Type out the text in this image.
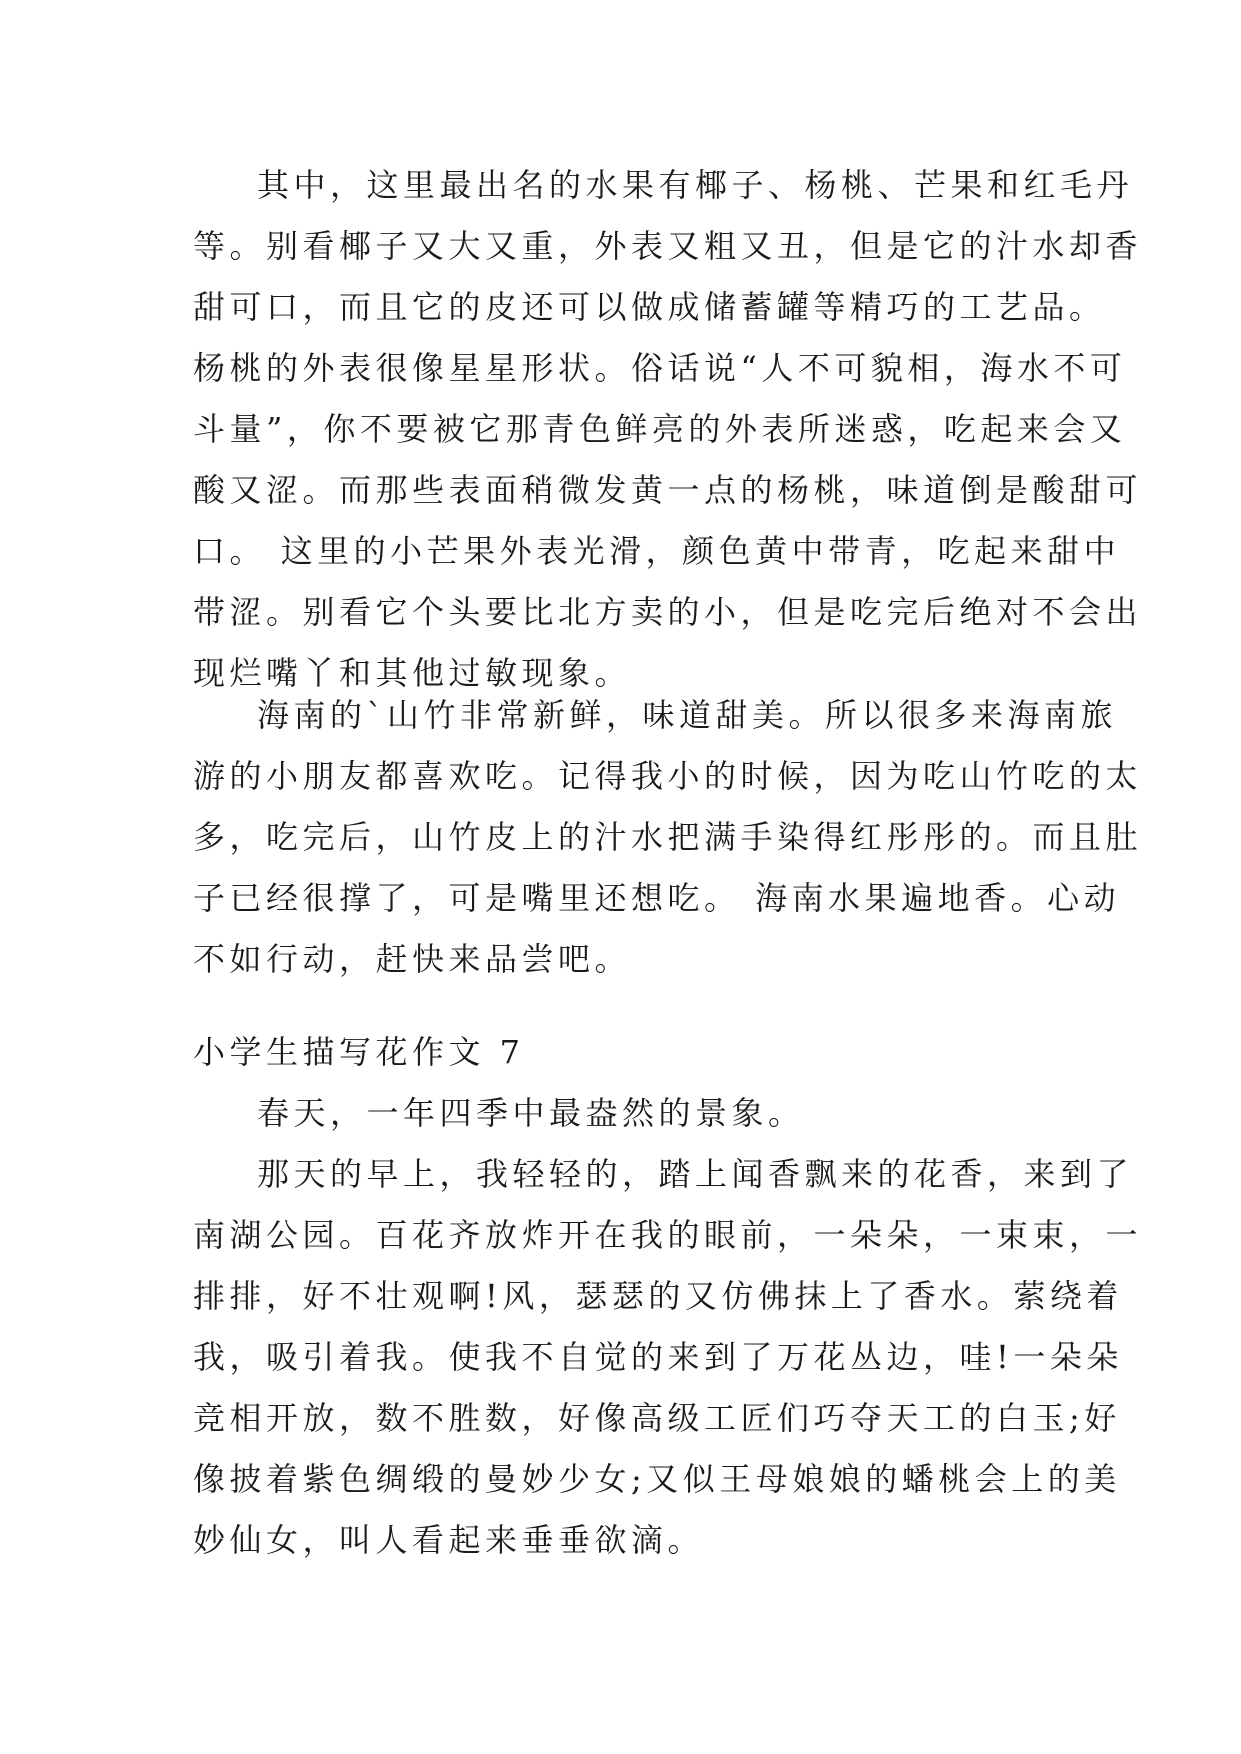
其中，这里最出名的水果有椰子、杨桃、芒果和红毛丹
等。别看椰子又大又重，外表又粗又丑，但是它的汁水却香
甜可口，而且它的皮还可以做成储蓄罐等精巧的工艺品。
杨桃的外表很像星星形状。俗话说“人不可貌相，海水不可
斗量”，你不要被它那青色鲜亮的外表所迷惑，吃起来会又
酸又涩。而那些表面稍微发黄一点的杨桃，味道倒是酸甜可
口。 这里的小芒果外表光滑，颜色黄中带青，吃起来甜中
带涩。别看它个头要比北方卖的小，但是吃完后绝对不会出
现烂嘴丫和其他过敏现象。
海南的`山竹非常新鲜，味道甜美。所以很多来海南旅
游的小朋友都喜欢吃。记得我小的时候，因为吃山竹吃的太
多，吃完后，山竹皮上的汁水把满手染得红彤彤的。而且肚
子已经很撑了，可是嘴里还想吃。 海南水果遍地香。心动
不如行动，赶快来品尝吧。
小学生描写花作文 7
春天，一年四季中最盎然的景象。
那天的早上，我轻轻的，踏上闻香飘来的花香，来到了
南湖公园。百花齐放炸开在我的眼前，一朵朵，一束束，一
排排，好不壮观啊!风，瑟瑟的又仿佛抹上了香水。萦绕着
我，吸引着我。使我不自觉的来到了万花丛边，哇!一朵朵
竞相开放，数不胜数，好像高级工匠们巧夺天工的白玉;好
像披着紫色绸缎的曼妙少女;又似王母娘娘的蟠桃会上的美
妙仙女，叫人看起来垂垂欲滴。
